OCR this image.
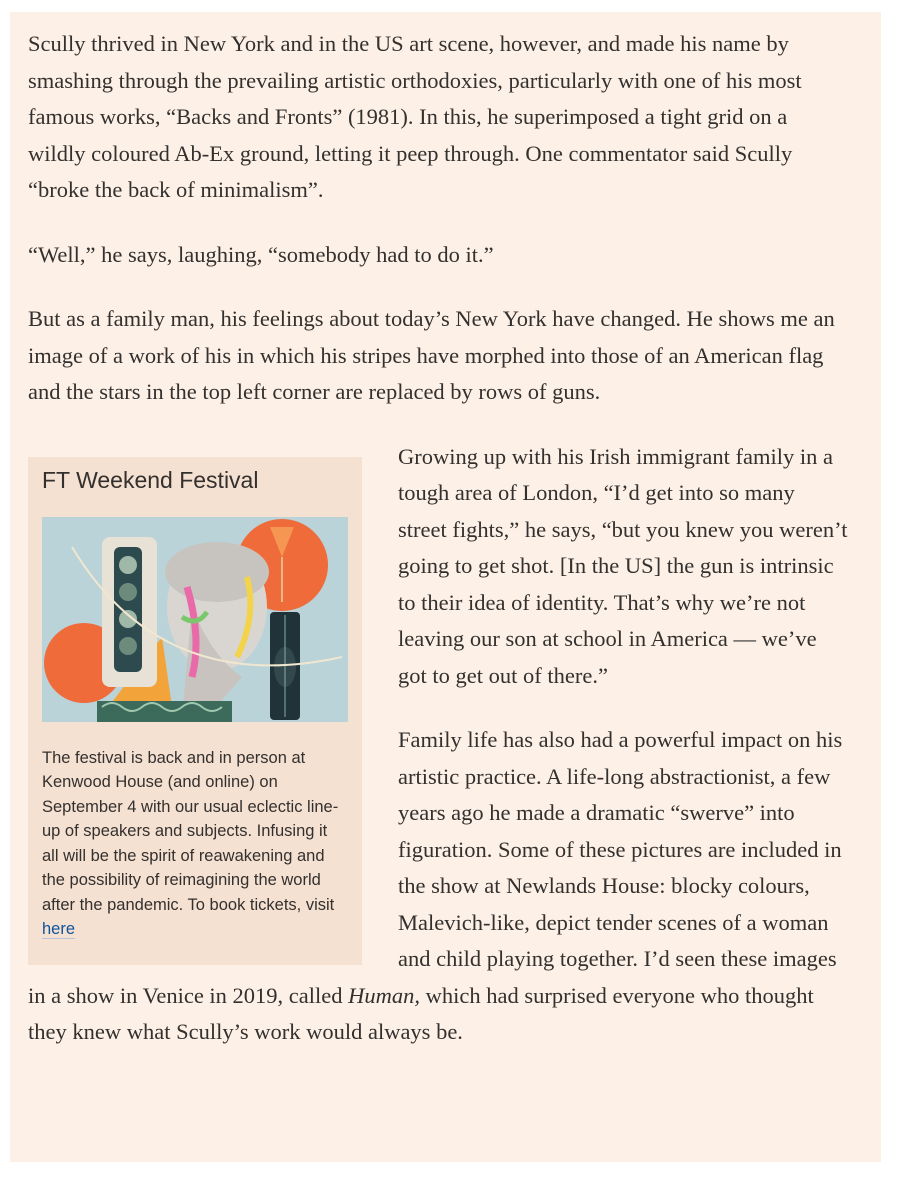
Scully thrived in New York and in the US art scene, however, and made his name by smashing through the prevailing artistic orthodoxies, particularly with one of his most famous works, “Backs and Fronts” (1981). In this, he superimposed a tight grid on a wildly coloured Ab-Ex ground, letting it peep through. One commentator said Scully “broke the back of minimalism”.

“Well,” he says, laughing, “somebody had to do it.”

But as a family man, his feelings about today’s New York have changed. He shows me an image of a work of his in which his stripes have morphed into those of an American flag and the stars in the top left corner are replaced by rows of guns.

FT Weekend Festival
The festival is back and in person at Kenwood House (and online) on September 4 with our usual eclectic line-up of speakers and subjects. Infusing it all will be the spirit of reawakening and the possibility of reimagining the world after the pandemic. To book tickets, visit here

Growing up with his Irish immigrant family in a tough area of London, “I’d get into so many street fights,” he says, “but you knew you weren’t going to get shot. [In the US] the gun is intrinsic to their idea of identity. That’s why we’re not leaving our son at school in America — we’ve got to get out of there.”

Family life has also had a powerful impact on his artistic practice. A life-long abstractionist, a few years ago he made a dramatic “swerve” into figuration. Some of these pictures are included in the show at Newlands House: blocky colours, Malevich-like, depict tender scenes of a woman and child playing together. I’d seen these images in a show in Venice in 2019, called Human, which had surprised everyone who thought they knew what Scully’s work would always be.
